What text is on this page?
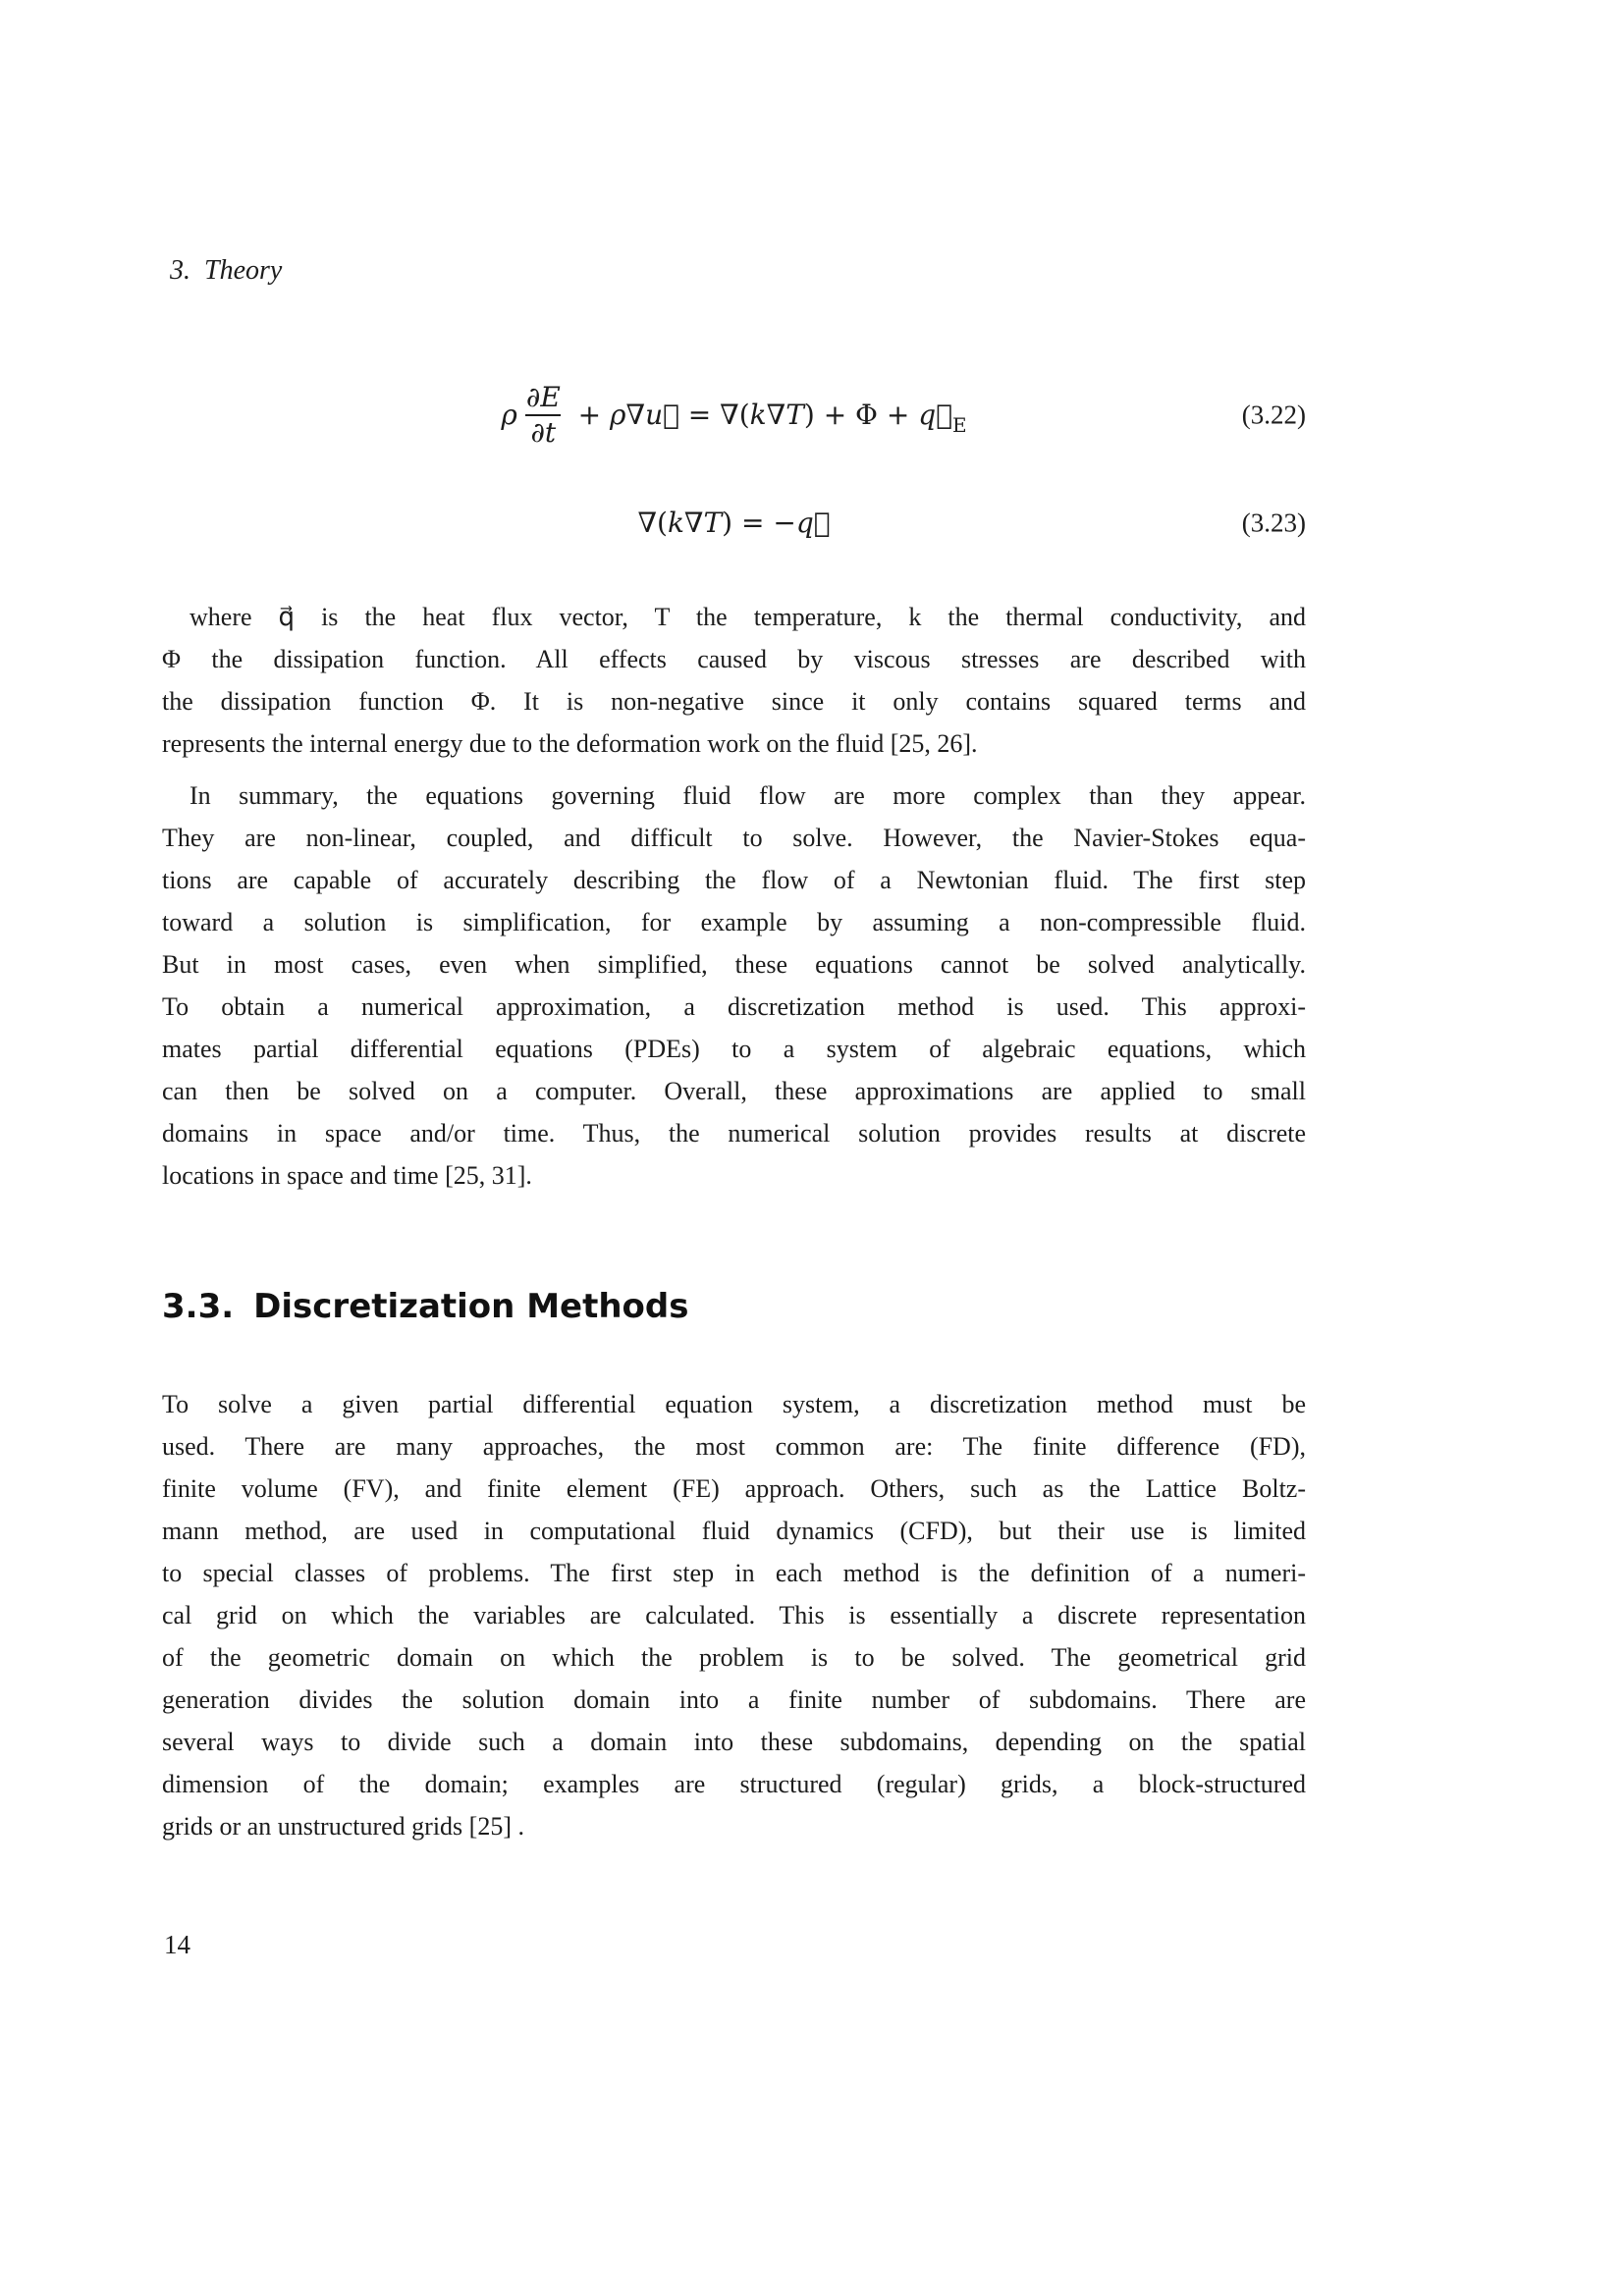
3. Theory
ρ $\frac{\partial E}{\partial t} + \rho$ ∇ u⃗ = ∇( k ∇ T ) + $\Phi + q⃗_E$	(3.22)
∇( k ∇ T ) = − q⃗	(3.23)
where q⃗ is the heat flux vector, T the temperature, k the thermal conductivity, and
Φ the dissipation function. All effects caused by viscous stresses are described with
the dissipation function Φ. It is non-negative since it only contains squared terms and
represents the internal energy due to the deformation work on the fluid [25, 26].
In summary, the equations governing fluid flow are more complex than they appear.
They are non-linear, coupled, and difficult to solve. However, the Navier-Stokes equa-
tions are capable of accurately describing the flow of a Newtonian fluid. The first step
toward a solution is simplification, for example by assuming a non-compressible fluid.
But in most cases, even when simplified, these equations cannot be solved analytically.
To obtain a numerical approximation, a discretization method is used. This approxi-
mates partial differential equations (PDEs) to a system of algebraic equations, which
can then be solved on a computer. Overall, these approximations are applied to small
domains in space and/or time. Thus, the numerical solution provides results at discrete
locations in space and time [25, 31].
3.3. Discretization Methods
To solve a given partial differential equation system, a discretization method must be
used. There are many approaches, the most common are: The finite difference (FD),
finite volume (FV), and finite element (FE) approach. Others, such as the Lattice Boltz-
mann method, are used in computational fluid dynamics (CFD), but their use is limited
to special classes of problems. The first step in each method is the definition of a numeri-
cal grid on which the variables are calculated. This is essentially a discrete representation
of the geometric domain on which the problem is to be solved. The geometrical grid
generation divides the solution domain into a finite number of subdomains. There are
several ways to divide such a domain into these subdomains, depending on the spatial
dimension of the domain; examples are structured (regular) grids, a block-structured
grids or an unstructured grids [25] .
14
